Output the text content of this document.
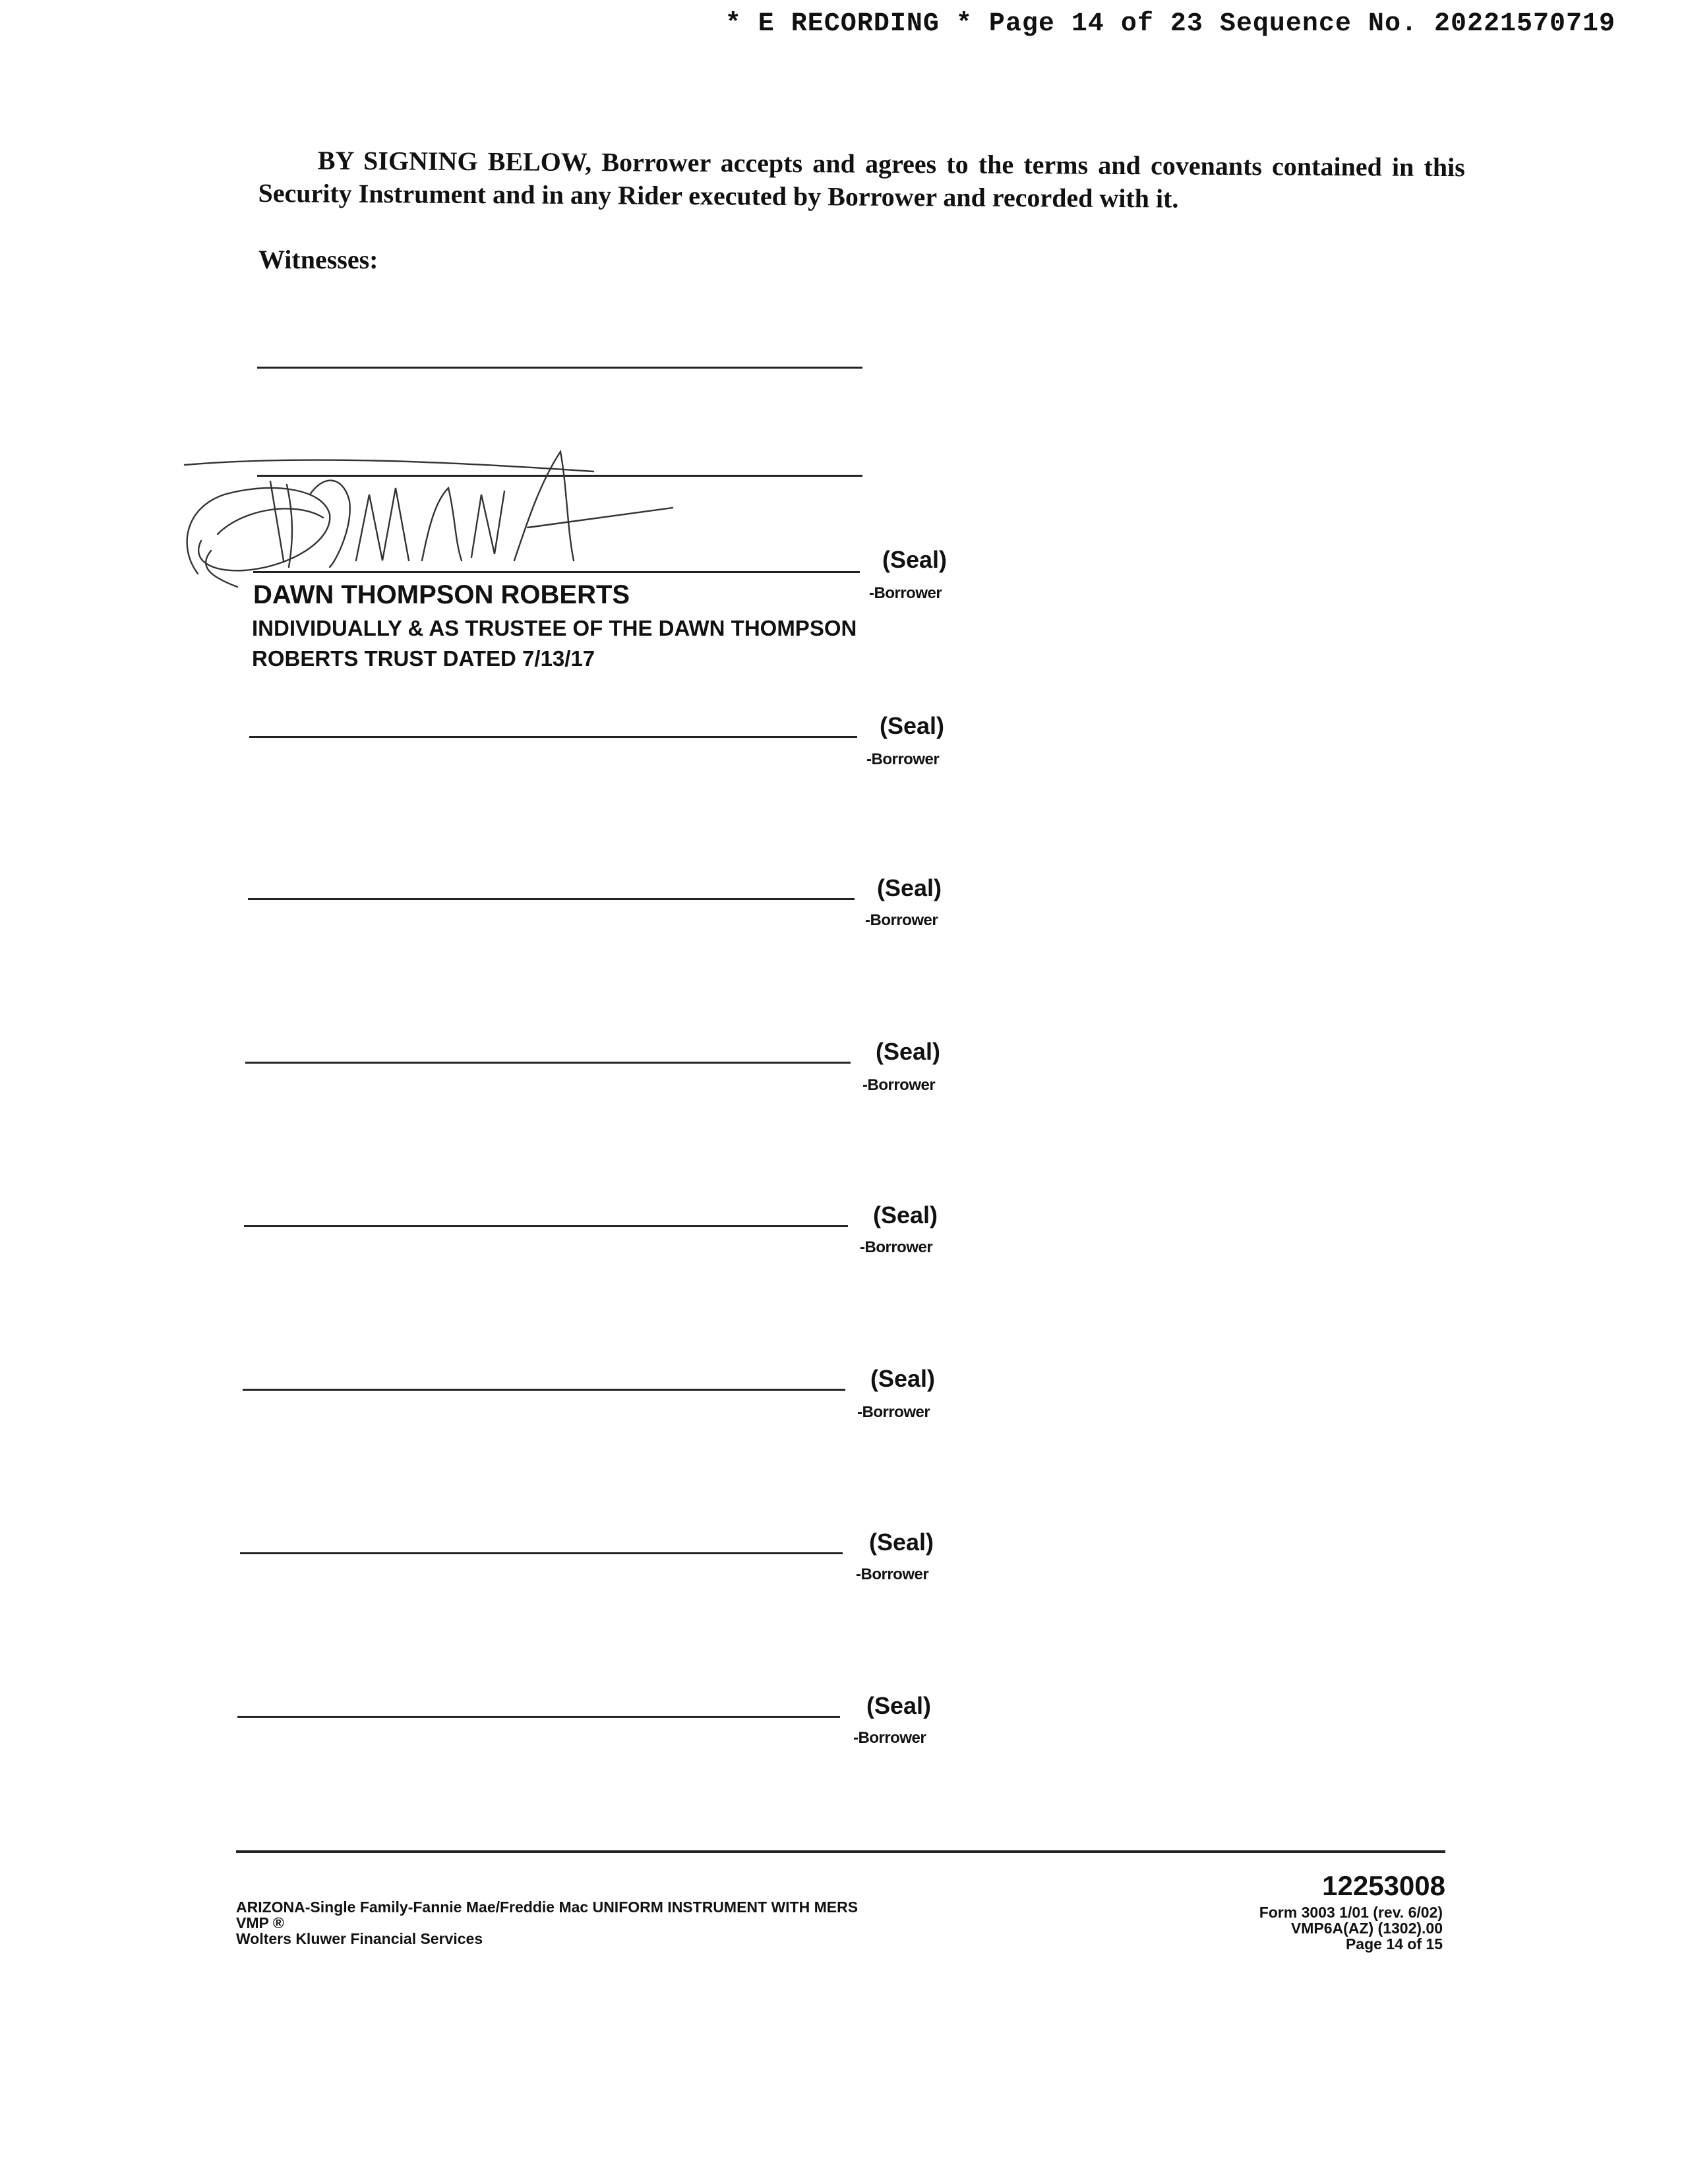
* E RECORDING * Page 14 of 23 Sequence No. 20221570719
BY SIGNING BELOW, Borrower accepts and agrees to the terms and covenants contained in this Security Instrument and in any Rider executed by Borrower and recorded with it.
Witnesses:
(Seal)
-Borrower
DAWN THOMPSON ROBERTS
INDIVIDUALLY & AS TRUSTEE OF THE DAWN THOMPSON
ROBERTS TRUST DATED 7/13/17
(Seal)
-Borrower
(Seal)
-Borrower
(Seal)
-Borrower
(Seal)
-Borrower
(Seal)
-Borrower
(Seal)
-Borrower
(Seal)
-Borrower
12253008
ARIZONA-Single Family-Fannie Mae/Freddie Mac UNIFORM INSTRUMENT WITH MERS
VMP ®
Wolters Kluwer Financial Services
Form 3003 1/01 (rev. 6/02)
VMP6A(AZ) (1302).00
Page 14 of 15
